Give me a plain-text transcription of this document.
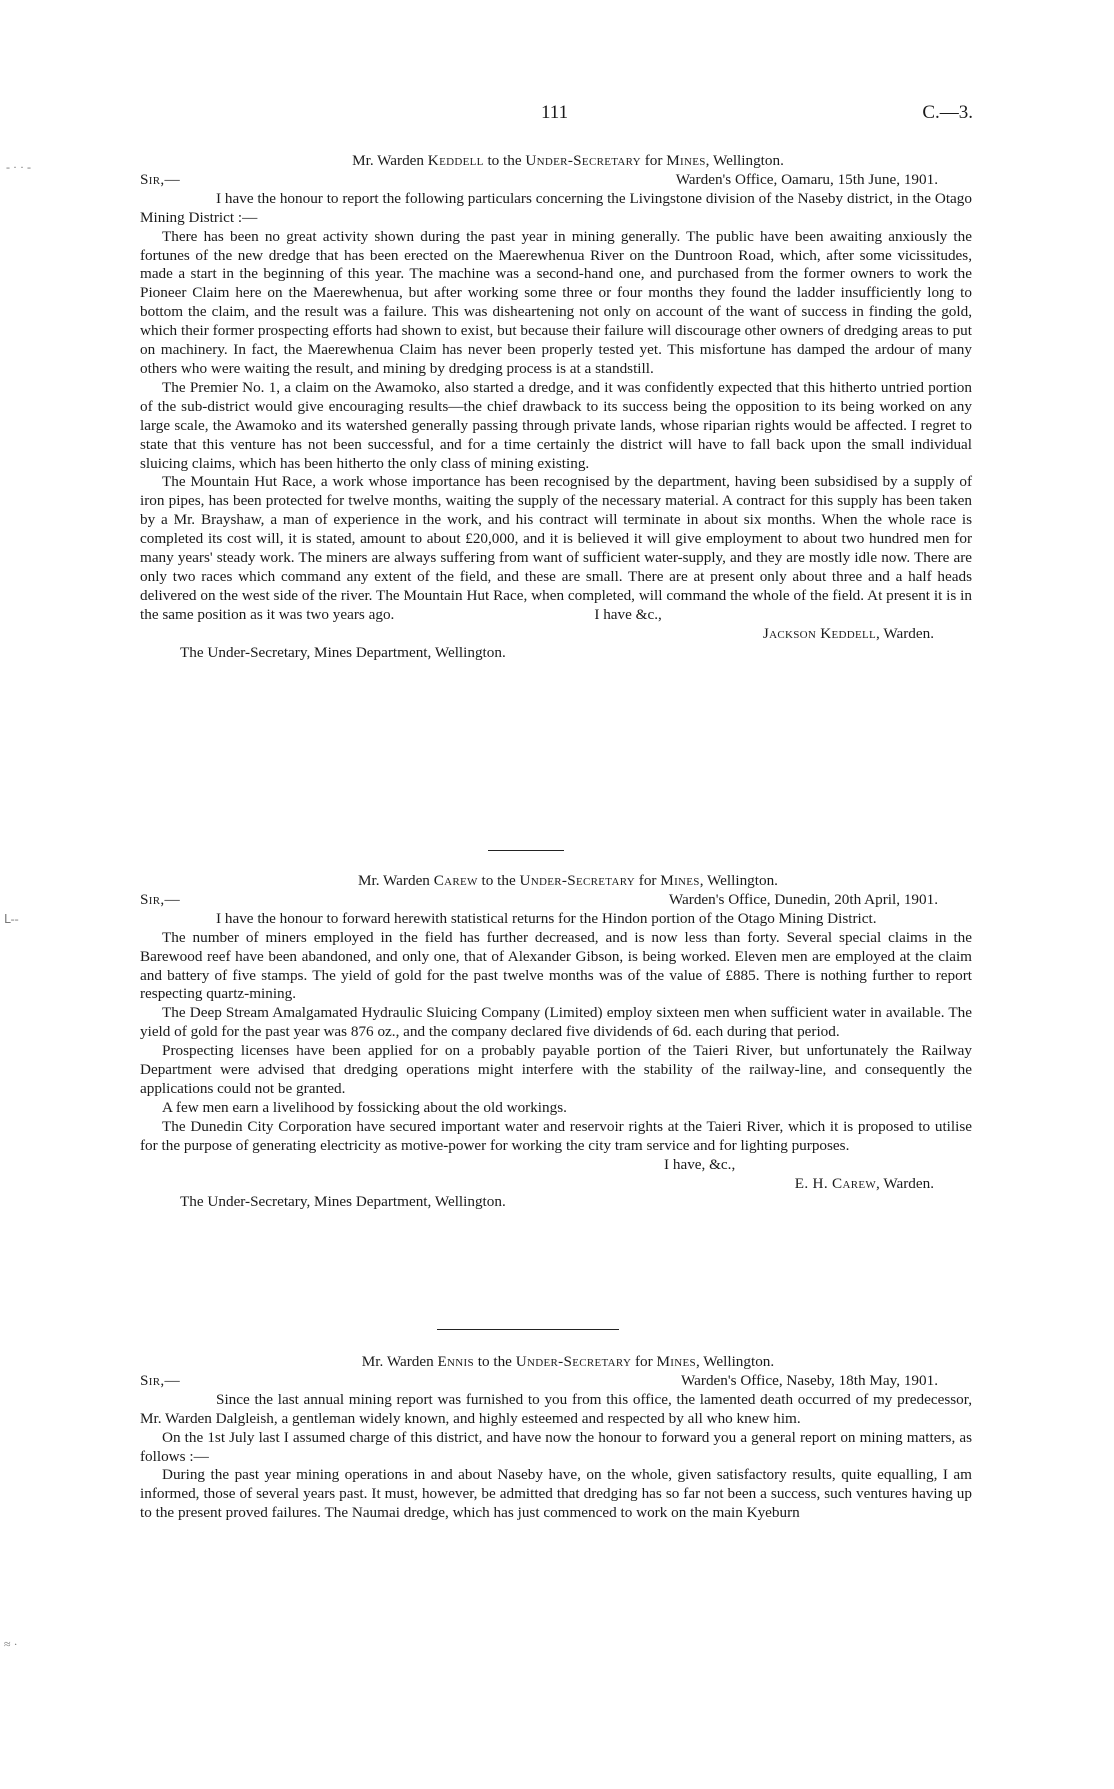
‐ · · ‐
ᒪ‐‐
≈ ·
111	C.—3.
Mr. Warden Keddell to the Under-Secretary for Mines, Wellington.
Sir,—	Warden's Office, Oamaru, 15th June, 1901.

I have the honour to report the following particulars concerning the Livingstone division of the Naseby district, in the Otago Mining District :—

There has been no great activity shown during the past year in mining generally. The public have been awaiting anxiously the fortunes of the new dredge that has been erected on the Maerewhenua River on the Duntroon Road, which, after some vicissitudes, made a start in the beginning of this year. The machine was a second-hand one, and purchased from the former owners to work the Pioneer Claim here on the Maerewhenua, but after working some three or four months they found the ladder insufficiently long to bottom the claim, and the result was a failure. This was disheartening not only on account of the want of success in finding the gold, which their former prospecting efforts had shown to exist, but because their failure will discourage other owners of dredging areas to put on machinery. In fact, the Maerewhenua Claim has never been properly tested yet. This misfortune has damped the ardour of many others who were waiting the result, and mining by dredging process is at a standstill.

The Premier No. 1, a claim on the Awamoko, also started a dredge, and it was confidently expected that this hitherto untried portion of the sub-district would give encouraging results—the chief drawback to its success being the opposition to its being worked on any large scale, the Awamoko and its watershed generally passing through private lands, whose riparian rights would be affected. I regret to state that this venture has not been successful, and for a time certainly the district will have to fall back upon the small individual sluicing claims, which has been hitherto the only class of mining existing.

The Mountain Hut Race, a work whose importance has been recognised by the department, having been subsidised by a supply of iron pipes, has been protected for twelve months, waiting the supply of the necessary material. A contract for this supply has been taken by a Mr. Brayshaw, a man of experience in the work, and his contract will terminate in about six months. When the whole race is completed its cost will, it is stated, amount to about £20,000, and it is believed it will give employment to about two hundred men for many years' steady work. The miners are always suffering from want of sufficient water-supply, and they are mostly idle now. There are only two races which command any extent of the field, and these are small. There are at present only about three and a half heads delivered on the west side of the river. The Mountain Hut Race, when completed, will command the whole of the field. At present it is in the same position as it was two years ago.	I have &c.,

Jackson Keddell, Warden.
The Under-Secretary, Mines Department, Wellington.
Mr. Warden Carew to the Under-Secretary for Mines, Wellington.
Sir,—	Warden's Office, Dunedin, 20th April, 1901.

I have the honour to forward herewith statistical returns for the Hindon portion of the Otago Mining District.

The number of miners employed in the field has further decreased, and is now less than forty. Several special claims in the Barewood reef have been abandoned, and only one, that of Alexander Gibson, is being worked. Eleven men are employed at the claim and battery of five stamps. The yield of gold for the past twelve months was of the value of £885. There is nothing further to report respecting quartz-mining.

The Deep Stream Amalgamated Hydraulic Sluicing Company (Limited) employ sixteen men when sufficient water in available. The yield of gold for the past year was 876 oz., and the company declared five dividends of 6d. each during that period.

Prospecting licenses have been applied for on a probably payable portion of the Taieri River, but unfortunately the Railway Department were advised that dredging operations might interfere with the stability of the railway-line, and consequently the applications could not be granted.

A few men earn a livelihood by fossicking about the old workings.

The Dunedin City Corporation have secured important water and reservoir rights at the Taieri River, which it is proposed to utilise for the purpose of generating electricity as motive-power for working the city tram service and for lighting purposes.

I have, &c.,
E. H. Carew, Warden.
The Under-Secretary, Mines Department, Wellington.
Mr. Warden Ennis to the Under-Secretary for Mines, Wellington.
Sir,—	Warden's Office, Naseby, 18th May, 1901.

Since the last annual mining report was furnished to you from this office, the lamented death occurred of my predecessor, Mr. Warden Dalgleish, a gentleman widely known, and highly esteemed and respected by all who knew him.

On the 1st July last I assumed charge of this district, and have now the honour to forward you a general report on mining matters, as follows :—

During the past year mining operations in and about Naseby have, on the whole, given satisfactory results, quite equalling, I am informed, those of several years past. It must, however, be admitted that dredging has so far not been a success, such ventures having up to the present proved failures. The Naumai dredge, which has just commenced to work on the main Kyeburn
